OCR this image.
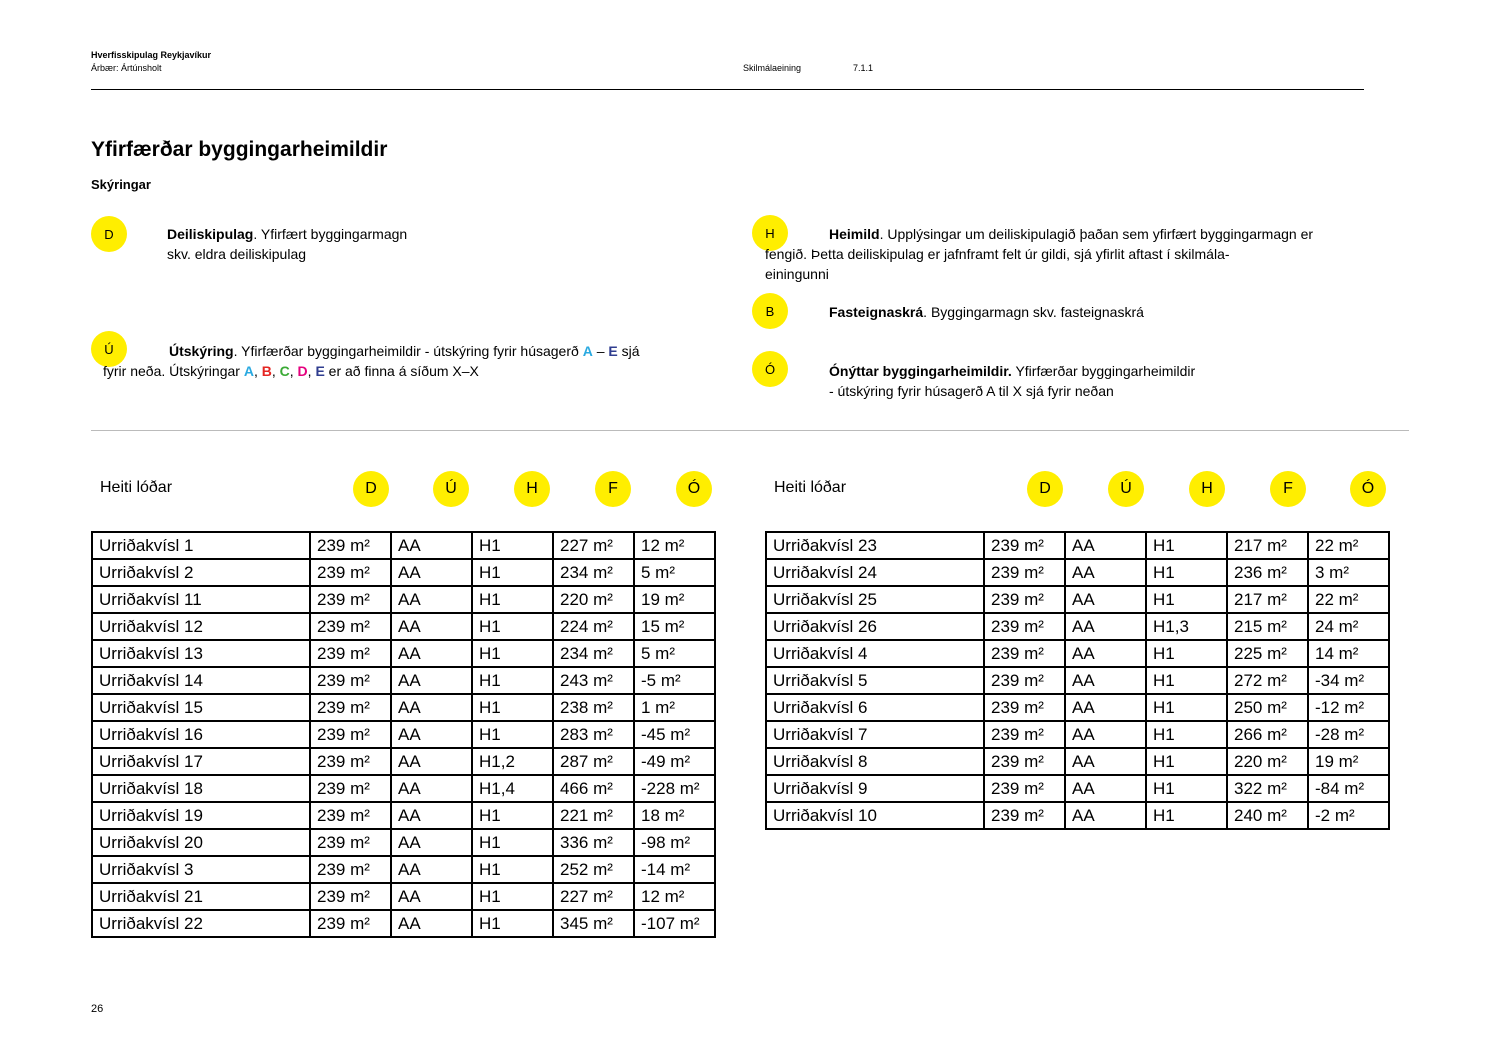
Hverfisskipulag Reykjavíkur
Árbær: Ártúnsholt	Skilmálaeining	7.1.1
Yfirfærðar byggingarheimildir
Skýringar
D	Deiliskipulag. Yfirfært byggingarmagn
skv. eldra deiliskipulag
Ú	Útskýring. Yfirfærðar byggingarheimildir - útskýring fyrir húsagerð A – E sjá
fyrir neða. Útskýringar A, B, C, D, E er að finna á síðum X–X
H	Heimild. Upplýsingar um deiliskipulagið þaðan sem yfirfært byggingarmagn er
fengið. Þetta deiliskipulag er jafnframt felt úr gildi, sjá yfirlit aftast í skilmála-
einingunni
B	Fasteignaskrá. Byggingarmagn skv. fasteignaskrá
Ó	Ónýttar byggingarheimildir. Yfirfærðar byggingarheimildir
- útskýring fyrir húsagerð A til X sjá fyrir neðan
Heiti lóðar	D	Ú	H	F	Ó	Heiti lóðar	D	Ú	H	F	Ó
Urriðakvísl 1	239 m²	AA	H1	227 m²	12 m²
Urriðakvísl 2	239 m²	AA	H1	234 m²	5 m²
Urriðakvísl 11	239 m²	AA	H1	220 m²	19 m²
Urriðakvísl 12	239 m²	AA	H1	224 m²	15 m²
Urriðakvísl 13	239 m²	AA	H1	234 m²	5 m²
Urriðakvísl 14	239 m²	AA	H1	243 m²	-5 m²
Urriðakvísl 15	239 m²	AA	H1	238 m²	1 m²
Urriðakvísl 16	239 m²	AA	H1	283 m²	-45 m²
Urriðakvísl 17	239 m²	AA	H1,2	287 m²	-49 m²
Urriðakvísl 18	239 m²	AA	H1,4	466 m²	-228 m²
Urriðakvísl 19	239 m²	AA	H1	221 m²	18 m²
Urriðakvísl 20	239 m²	AA	H1	336 m²	-98 m²
Urriðakvísl 3	239 m²	AA	H1	252 m²	-14 m²
Urriðakvísl 21	239 m²	AA	H1	227 m²	12 m²
Urriðakvísl 22	239 m²	AA	H1	345 m²	-107 m²
Urriðakvísl 23	239 m²	AA	H1	217 m²	22 m²
Urriðakvísl 24	239 m²	AA	H1	236 m²	3 m²
Urriðakvísl 25	239 m²	AA	H1	217 m²	22 m²
Urriðakvísl 26	239 m²	AA	H1,3	215 m²	24 m²
Urriðakvísl 4	239 m²	AA	H1	225 m²	14 m²
Urriðakvísl 5	239 m²	AA	H1	272 m²	-34 m²
Urriðakvísl 6	239 m²	AA	H1	250 m²	-12 m²
Urriðakvísl 7	239 m²	AA	H1	266 m²	-28 m²
Urriðakvísl 8	239 m²	AA	H1	220 m²	19 m²
Urriðakvísl 9	239 m²	AA	H1	322 m²	-84 m²
Urriðakvísl 10	239 m²	AA	H1	240 m²	-2 m²
26
